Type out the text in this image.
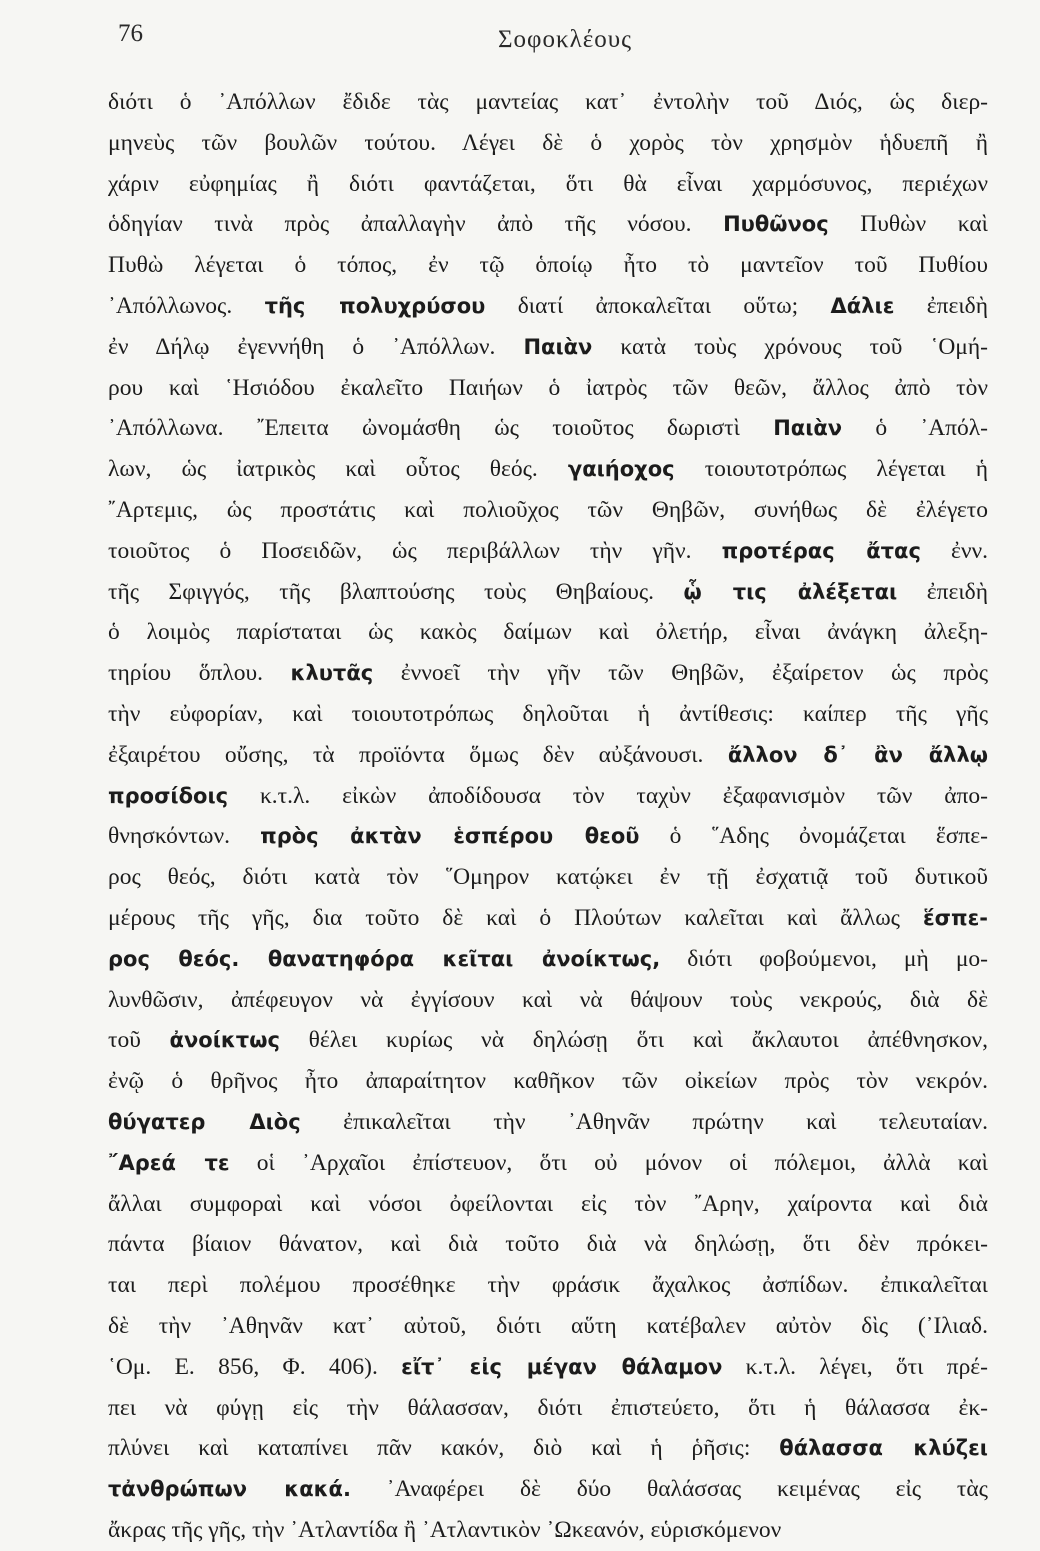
76	Σοφοκλέους
διότι ὁ ᾽Απόλλων ἔδιδε τὰς μαντείας κατ᾽ ἐντολὴν τοῦ Διός, ὡς διερ-
μηνεὺς τῶν βουλῶν τούτου. Λέγει δὲ ὁ χορὸς τὸν χρησμὸν ἡδυεπῆ ἢ
χάριν εὐφημίας ἢ διότι φαντάζεται, ὅτι θὰ εἶναι χαρμόσυνος, περιέχων
ὁδηγίαν τινὰ πρὸς ἀπαλλαγὴν ἀπὸ τῆς νόσου. Πυθῶνος Πυθὼν καὶ
Πυθὼ λέγεται ὁ τόπος, ἐν τῷ ὁποίῳ ἦτο τὸ μαντεῖον τοῦ Πυθίου
᾽Απόλλωνος. τῆς πολυχρύσου διατί ἀποκαλεῖται οὕτω; Δάλιε ἐπειδὴ
ἐν Δήλῳ ἐγεννήθη ὁ ᾽Απόλλων. Παιὰν κατὰ τοὺς χρόνους τοῦ ῾Ομή-
ρου καὶ ῾Ησιόδου ἐκαλεῖτο Παιήων ὁ ἰατρὸς τῶν θεῶν, ἄλλος ἀπὸ τὸν
᾽Απόλλωνα. ῎Επειτα ὠνομάσθη ὡς τοιοῦτος δωριστὶ Παιὰν ὁ ᾽Απόλ-
λων, ὡς ἰατρικὸς καὶ οὗτος θεός. γαιήοχος τοιουτοτρόπως λέγεται ἡ
῎Αρτεμις, ὡς προστάτις καὶ πολιοῦχος τῶν Θηβῶν, συνήθως δὲ ἐλέγετο
τοιοῦτος ὁ Ποσειδῶν, ὡς περιβάλλων τὴν γῆν. προτέρας ἄτας ἐνν.
τῆς Σφιγγός, τῆς βλαπτούσης τοὺς Θηβαίους. ᾧ τις ἀλέξεται ἐπειδὴ
ὁ λοιμὸς παρίσταται ὡς κακὸς δαίμων καὶ ὀλετήρ, εἶναι ἀνάγκη ἀλεξη-
τηρίου ὅπλου. κλυτᾶς ἐννοεῖ τὴν γῆν τῶν Θηβῶν, ἐξαίρετον ὡς πρὸς
τὴν εὐφορίαν, καὶ τοιουτοτρόπως δηλοῦται ἡ ἀντίθεσις: καίπερ τῆς γῆς
ἐξαιρέτου οὔσης, τὰ προϊόντα ὅμως δὲν αὐξάνουσι. ἄλλον δ᾽ ἂν ἄλλῳ
προσίδοις κ.τ.λ. εἰκὼν ἀποδίδουσα τὸν ταχὺν ἐξαφανισμὸν τῶν ἀπο-
θνησκόντων. πρὸς ἀκτὰν ἑσπέρου θεοῦ ὁ ῞Αδης ὀνομάζεται ἕσπε-
ρος θεός, διότι κατὰ τὸν ῞Ομηρον κατῴκει ἐν τῇ ἐσχατιᾷ τοῦ δυτικοῦ
μέρους τῆς γῆς, δια τοῦτο δὲ καὶ ὁ Πλούτων καλεῖται καὶ ἄλλως ἕσπε-
ρος θεός. θανατηφόρα κεῖται ἀνοίκτως, διότι φοβούμενοι, μὴ μο-
λυνθῶσιν, ἀπέφευγον νὰ ἐγγίσουν καὶ νὰ θάψουν τοὺς νεκρούς, διὰ δὲ
τοῦ ἀνοίκτως θέλει κυρίως νὰ δηλώσῃ ὅτι καὶ ἄκλαυτοι ἀπέθνησκον,
ἐνῷ ὁ θρῆνος ἦτο ἀπαραίτητον καθῆκον τῶν οἰκείων πρὸς τὸν νεκρόν.
θύγατερ Διὸς ἐπικαλεῖται τὴν ᾽Αθηνᾶν πρώτην καὶ τελευταίαν.
῎Αρεά τε οἱ ᾽Αρχαῖοι ἐπίστευον, ὅτι οὐ μόνον οἱ πόλεμοι, ἀλλὰ καὶ
ἄλλαι συμφοραὶ καὶ νόσοι ὀφείλονται εἰς τὸν ῎Αρην, χαίροντα καὶ διὰ
πάντα βίαιον θάνατον, καὶ διὰ τοῦτο διὰ νὰ δηλώσῃ, ὅτι δὲν πρόκει-
ται περὶ πολέμου προσέθηκε τὴν φράσικ ἄχαλκος ἀσπίδων. ἐπικαλεῖται
δὲ τὴν ᾽Αθηνᾶν κατ᾽ αὐτοῦ, διότι αὕτη κατέβαλεν αὐτὸν δὶς (᾽Ιλιαδ.
῾Ομ. Ε. 856, Φ. 406). εἴτ᾽ εἰς μέγαν θάλαμον κ.τ.λ. λέγει, ὅτι πρέ-
πει νὰ φύγῃ εἰς τὴν θάλασσαν, διότι ἐπιστεύετο, ὅτι ἡ θάλασσα ἐκ-
πλύνει καὶ καταπίνει πᾶν κακόν, διὸ καὶ ἡ ῥῆσις: θάλασσα κλύζει
τἀνθρώπων κακά. ᾽Αναφέρει δὲ δύο θαλάσσας κειμένας εἰς τὰς
ἄκρας τῆς γῆς, τὴν ᾽Ατλαντίδα ἢ ᾽Ατλαντικὸν ᾽Ωκεανόν, εὑρισκόμενον
